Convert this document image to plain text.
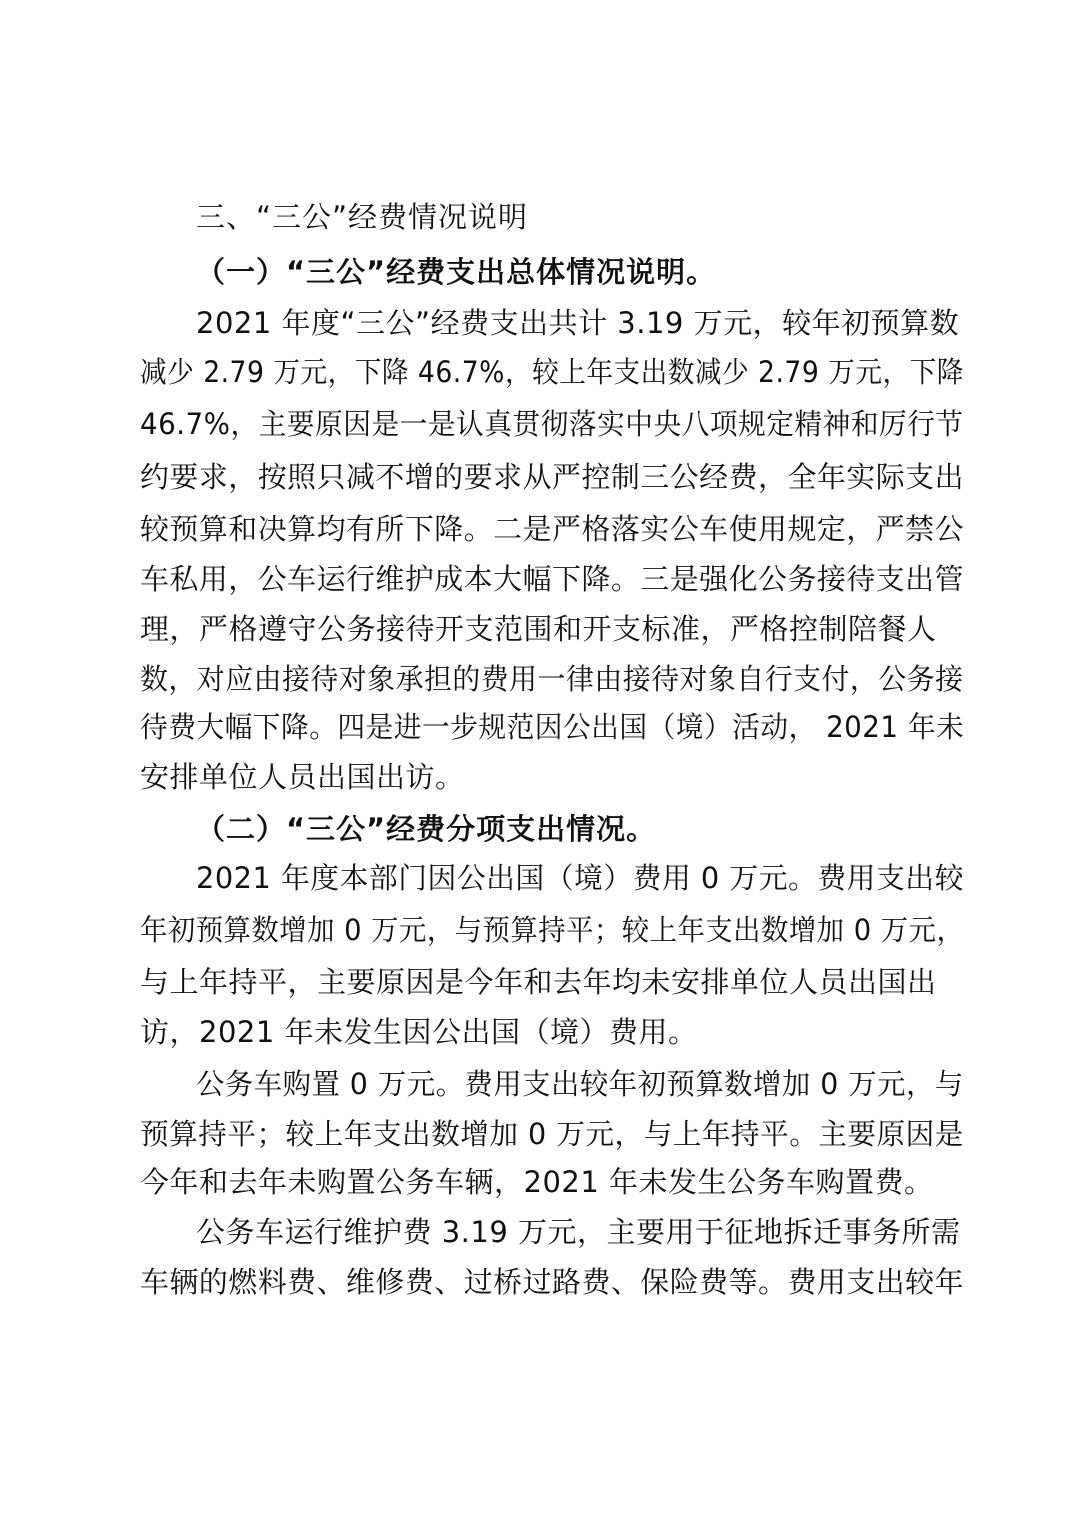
三、“三公”经费情况说明
（一）“三公”经费支出总体情况说明。
2021 年度“三公”经费支出共计 3.19 万元，较年初预算数
减少 2.79 万元，下降 46.7%，较上年支出数减少 2.79 万元，下降
46.7%，主要原因是一是认真贯彻落实中央八项规定精神和厉行节
约要求，按照只减不增的要求从严控制三公经费，全年实际支出
较预算和决算均有所下降。二是严格落实公车使用规定，严禁公
车私用，公车运行维护成本大幅下降。三是强化公务接待支出管
理，严格遵守公务接待开支范围和开支标准，严格控制陪餐人
数，对应由接待对象承担的费用一律由接待对象自行支付，公务接
待费大幅下降。四是进一步规范因公出国（境）活动， 2021 年未
安排单位人员出国出访。
（二）“三公”经费分项支出情况。
2021 年度本部门因公出国（境）费用 0 万元。费用支出较
年初预算数增加 0 万元，与预算持平；较上年支出数增加 0 万元，
与上年持平，主要原因是今年和去年均未安排单位人员出国出
访，2021 年未发生因公出国（境）费用。
公务车购置 0 万元。费用支出较年初预算数增加 0 万元，与
预算持平；较上年支出数增加 0 万元，与上年持平。主要原因是
今年和去年未购置公务车辆，2021 年未发生公务车购置费。
公务车运行维护费 3.19 万元，主要用于征地拆迁事务所需
车辆的燃料费、维修费、过桥过路费、保险费等。费用支出较年
